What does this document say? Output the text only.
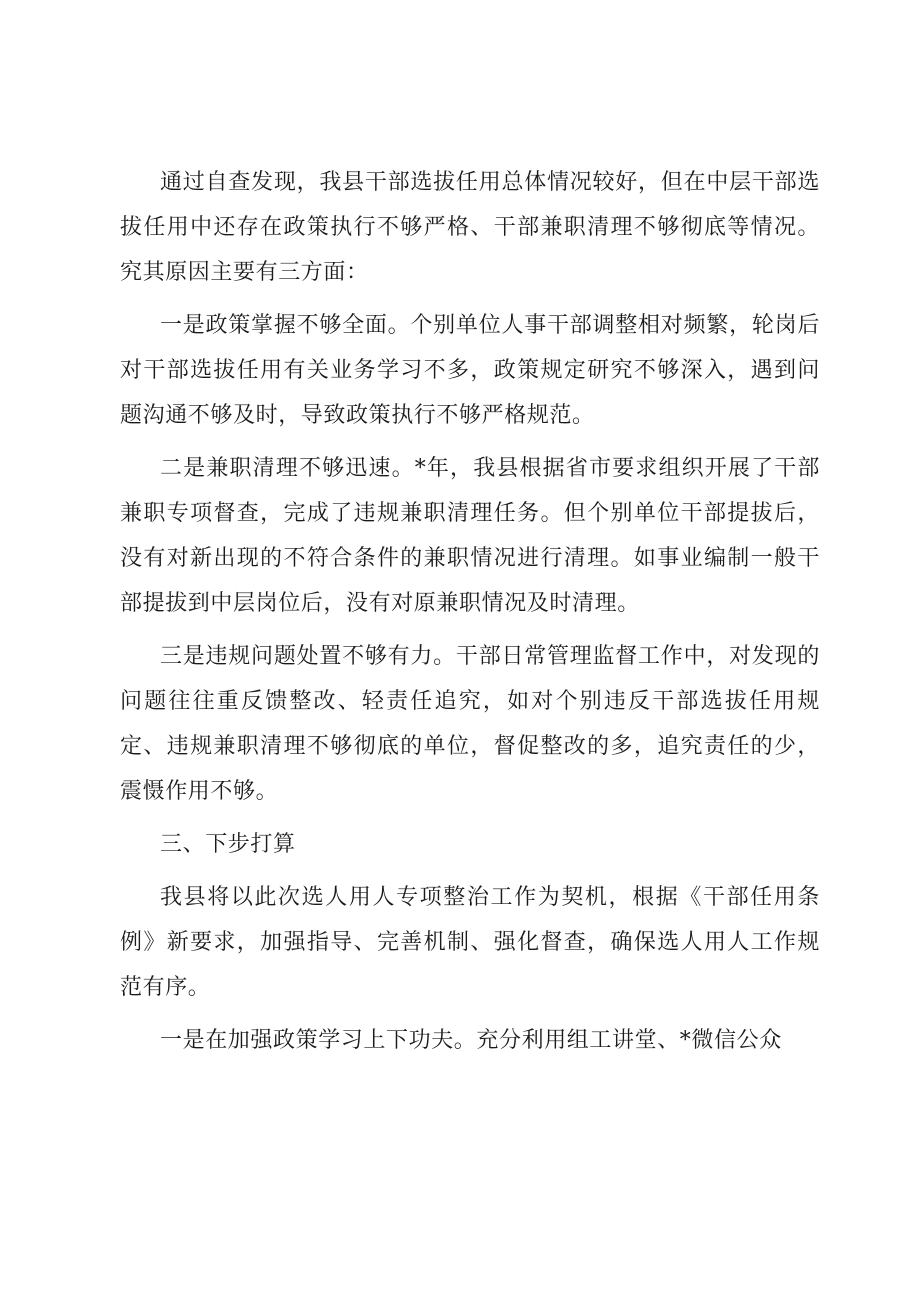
通过自查发现，我县干部选拔任用总体情况较好，但在中层干部选拔任用中还存在政策执行不够严格、干部兼职清理不够彻底等情况。究其原因主要有三方面：

一是政策掌握不够全面。个别单位人事干部调整相对频繁，轮岗后对干部选拔任用有关业务学习不多，政策规定研究不够深入，遇到问题沟通不够及时，导致政策执行不够严格规范。

二是兼职清理不够迅速。*年，我县根据省市要求组织开展了干部兼职专项督查，完成了违规兼职清理任务。但个别单位干部提拔后，没有对新出现的不符合条件的兼职情况进行清理。如事业编制一般干部提拔到中层岗位后，没有对原兼职情况及时清理。

三是违规问题处置不够有力。干部日常管理监督工作中，对发现的问题往往重反馈整改、轻责任追究，如对个别违反干部选拔任用规定、违规兼职清理不够彻底的单位，督促整改的多，追究责任的少，震慑作用不够。

三、下步打算

我县将以此次选人用人专项整治工作为契机，根据《干部任用条例》新要求，加强指导、完善机制、强化督查，确保选人用人工作规范有序。

一是在加强政策学习上下功夫。充分利用组工讲堂、*微信公众
